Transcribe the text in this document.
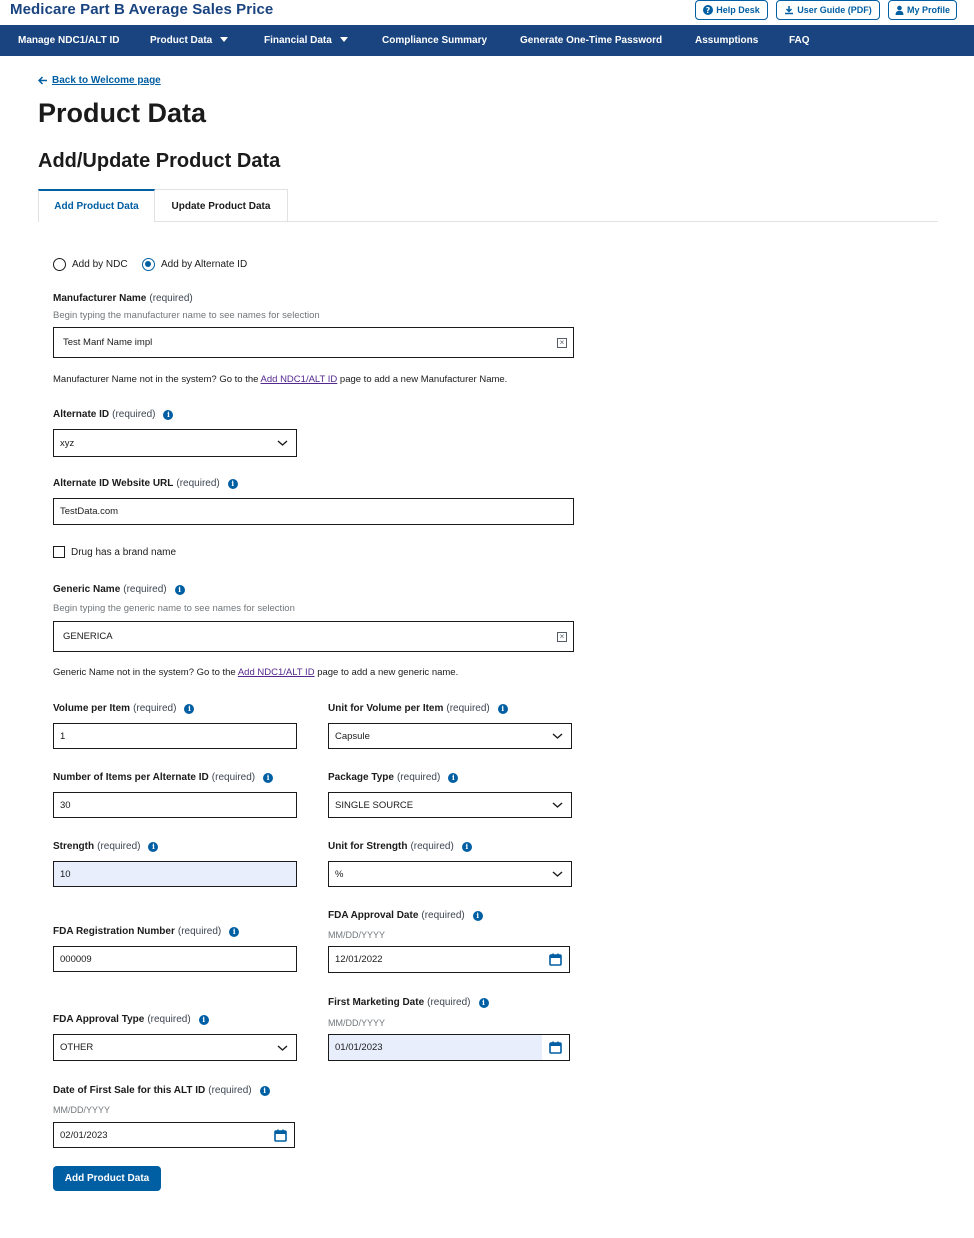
Medicare Part B Average Sales Price	? Help Desk	User Guide (PDF)	My Profile
Manage NDC1/ALT ID	Product Data	Financial Data	Compliance Summary	Generate One-Time Password	Assumptions	FAQ
Back to Welcome page
Product Data
Add/Update Product Data
Add Product Data	Update Product Data
Add by NDC	Add by Alternate ID
Manufacturer Name (required)
Begin typing the manufacturer name to see names for selection
Test Manf Name impl	×
Manufacturer Name not in the system? Go to the Add NDC1/ALT ID page to add a new Manufacturer Name.
Alternate ID (required)	i
xyz
Alternate ID Website URL (required)	i
TestData.com
Drug has a brand name
Generic Name (required)	i
Begin typing the generic name to see names for selection
GENERICA	×
Generic Name not in the system? Go to the Add NDC1/ALT ID page to add a new generic name.
Volume per Item (required)	i
1
Unit for Volume per Item (required)	i
Capsule
Number of Items per Alternate ID (required)	i
30
Package Type (required)	i
SINGLE SOURCE
Strength (required)	i
10
Unit for Strength (required)	i
%
FDA Registration Number (required)	i
000009
FDA Approval Date (required)	i
MM/DD/YYYY
12/01/2022
FDA Approval Type (required)	i
OTHER
First Marketing Date (required)	i
MM/DD/YYYY
01/01/2023
Date of First Sale for this ALT ID (required)	i
MM/DD/YYYY
02/01/2023
Add Product Data
